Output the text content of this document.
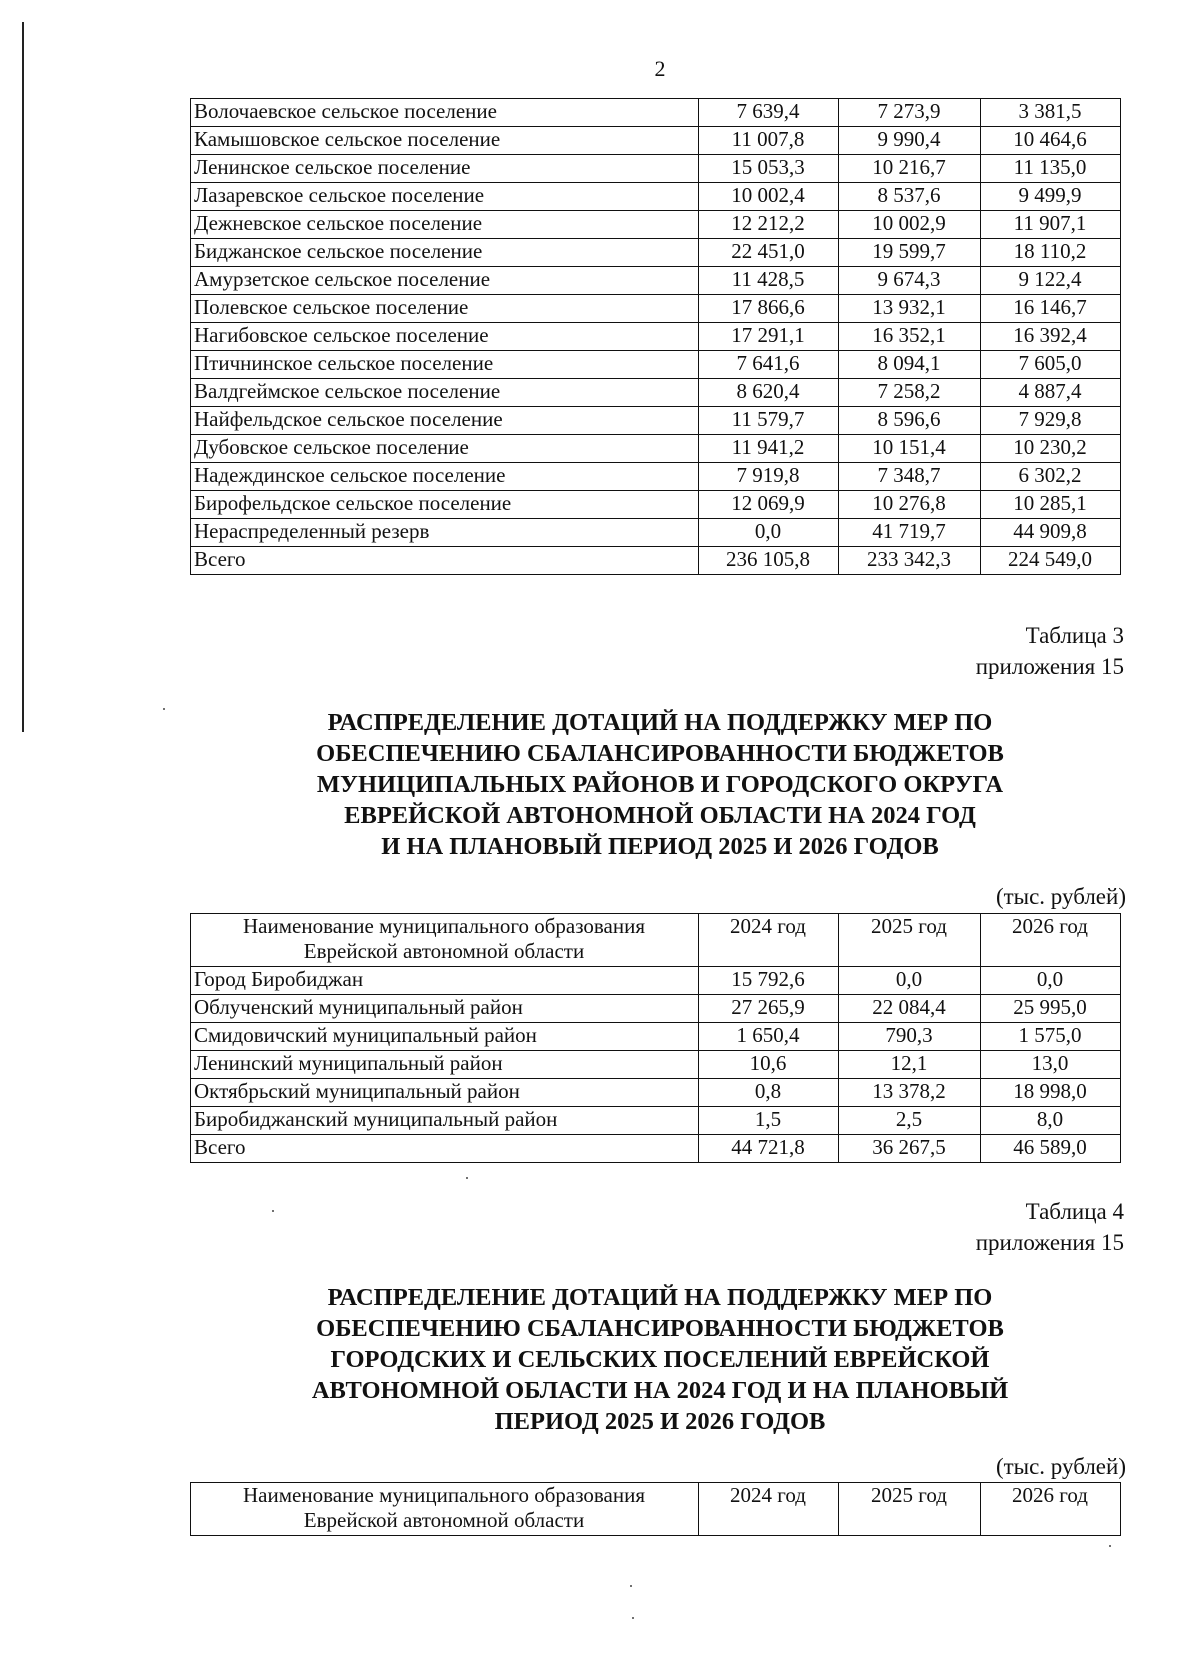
2
Волочаевское сельское поселение	7 639,4	7 273,9	3 381,5
Камышовское сельское поселение	11 007,8	9 990,4	10 464,6
Ленинское сельское поселение	15 053,3	10 216,7	11 135,0
Лазаревское сельское поселение	10 002,4	8 537,6	9 499,9
Дежневское сельское поселение	12 212,2	10 002,9	11 907,1
Биджанское сельское поселение	22 451,0	19 599,7	18 110,2
Амурзетское сельское поселение	11 428,5	9 674,3	9 122,4
Полевское сельское поселение	17 866,6	13 932,1	16 146,7
Нагибовское сельское поселение	17 291,1	16 352,1	16 392,4
Птичнинское сельское поселение	7 641,6	8 094,1	7 605,0
Валдгеймское сельское поселение	8 620,4	7 258,2	4 887,4
Найфельдское сельское поселение	11 579,7	8 596,6	7 929,8
Дубовское сельское поселение	11 941,2	10 151,4	10 230,2
Надеждинское сельское поселение	7 919,8	7 348,7	6 302,2
Бирофельдское сельское поселение	12 069,9	10 276,8	10 285,1
Нераспределенный резерв	0,0	41 719,7	44 909,8
Всего	236 105,8	233 342,3	224 549,0
Таблица 3
приложения 15
РАСПРЕДЕЛЕНИЕ ДОТАЦИЙ НА ПОДДЕРЖКУ МЕР ПО
ОБЕСПЕЧЕНИЮ СБАЛАНСИРОВАННОСТИ БЮДЖЕТОВ
МУНИЦИПАЛЬНЫХ РАЙОНОВ И ГОРОДСКОГО ОКРУГА
ЕВРЕЙСКОЙ АВТОНОМНОЙ ОБЛАСТИ НА 2024 ГОД
И НА ПЛАНОВЫЙ ПЕРИОД 2025 И 2026 ГОДОВ
(тыс. рублей)
Наименование муниципального образования
Еврейской автономной области	2024 год	2025 год	2026 год
Город Биробиджан	15 792,6	0,0	0,0
Облученский муниципальный район	27 265,9	22 084,4	25 995,0
Смидовичский муниципальный район	1 650,4	790,3	1 575,0
Ленинский муниципальный район	10,6	12,1	13,0
Октябрьский муниципальный район	0,8	13 378,2	18 998,0
Биробиджанский муниципальный район	1,5	2,5	8,0
Всего	44 721,8	36 267,5	46 589,0
Таблица 4
приложения 15
РАСПРЕДЕЛЕНИЕ ДОТАЦИЙ НА ПОДДЕРЖКУ МЕР ПО
ОБЕСПЕЧЕНИЮ СБАЛАНСИРОВАННОСТИ БЮДЖЕТОВ
ГОРОДСКИХ И СЕЛЬСКИХ ПОСЕЛЕНИЙ ЕВРЕЙСКОЙ
АВТОНОМНОЙ ОБЛАСТИ НА 2024 ГОД И НА ПЛАНОВЫЙ
ПЕРИОД 2025 И 2026 ГОДОВ
(тыс. рублей)
Наименование муниципального образования
Еврейской автономной области
	2024 год	2025 год	2026 год
